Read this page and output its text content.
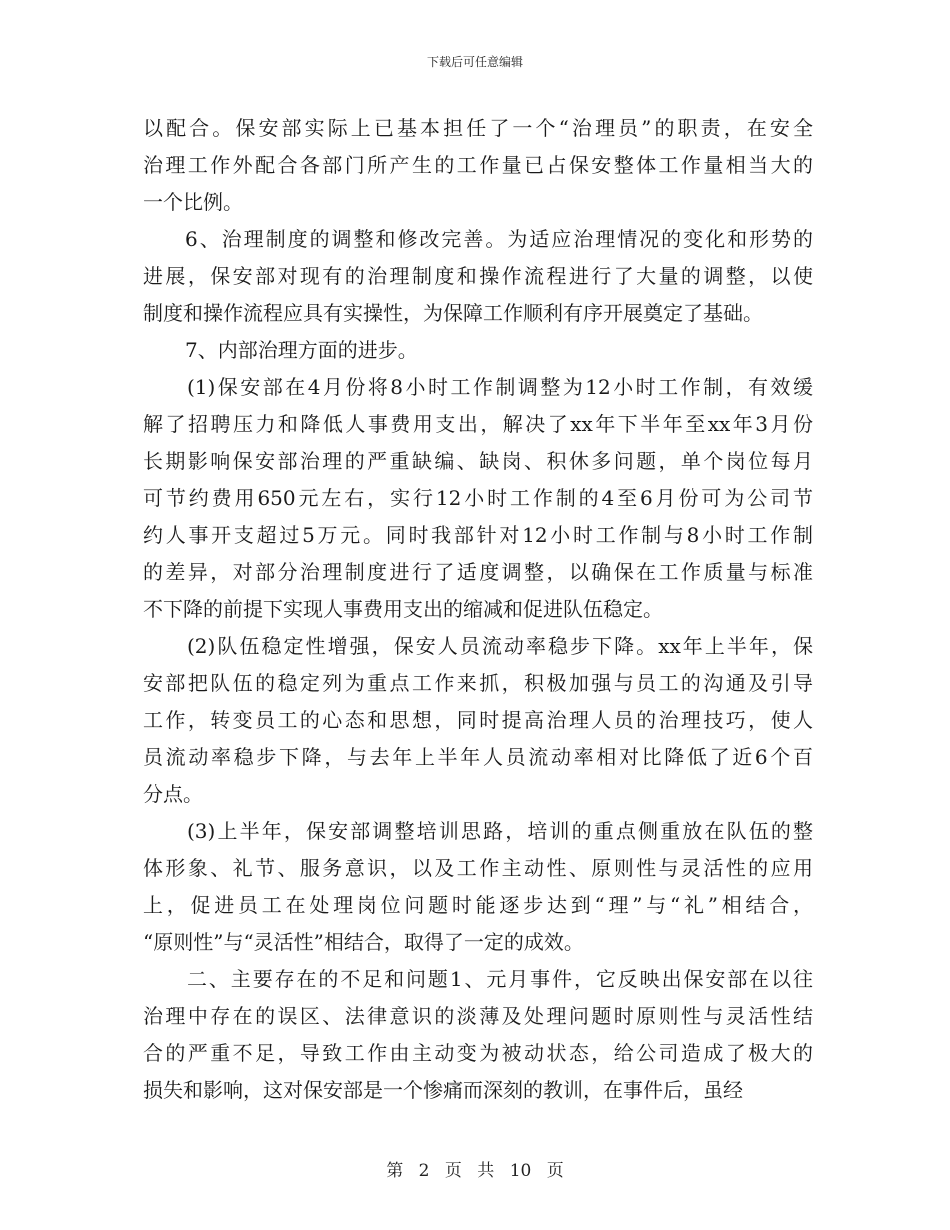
下载后可任意编辑
以配合。保安部实际上已基本担任了一个“治理员”的职责，在安全
治理工作外配合各部门所产生的工作量已占保安整体工作量相当大的
一个比例。
6、治理制度的调整和修改完善。为适应治理情况的变化和形势的
进展，保安部对现有的治理制度和操作流程进行了大量的调整，以使
制度和操作流程应具有实操性，为保障工作顺利有序开展奠定了基础。
7、内部治理方面的进步。
(1)保安部在4月份将8小时工作制调整为12小时工作制，有效缓
解了招聘压力和降低人事费用支出，解决了xx年下半年至xx年3月份
长期影响保安部治理的严重缺编、缺岗、积休多问题，单个岗位每月
可节约费用650元左右，实行12小时工作制的4至6月份可为公司节
约人事开支超过5万元。同时我部针对12小时工作制与8小时工作制
的差异，对部分治理制度进行了适度调整，以确保在工作质量与标准
不下降的前提下实现人事费用支出的缩减和促进队伍稳定。
(2)队伍稳定性增强，保安人员流动率稳步下降。xx年上半年，保
安部把队伍的稳定列为重点工作来抓，积极加强与员工的沟通及引导
工作，转变员工的心态和思想，同时提高治理人员的治理技巧，使人
员流动率稳步下降，与去年上半年人员流动率相对比降低了近6个百
分点。
(3)上半年，保安部调整培训思路，培训的重点侧重放在队伍的整
体形象、礼节、服务意识，以及工作主动性、原则性与灵活性的应用
上，促进员工在处理岗位问题时能逐步达到“理”与“礼”相结合，
“原则性”与“灵活性”相结合，取得了一定的成效。
二、主要存在的不足和问题1、元月事件，它反映出保安部在以往
治理中存在的误区、法律意识的淡薄及处理问题时原则性与灵活性结
合的严重不足，导致工作由主动变为被动状态，给公司造成了极大的
损失和影响，这对保安部是一个惨痛而深刻的教训，在事件后，虽经
第 2 页 共 10 页
